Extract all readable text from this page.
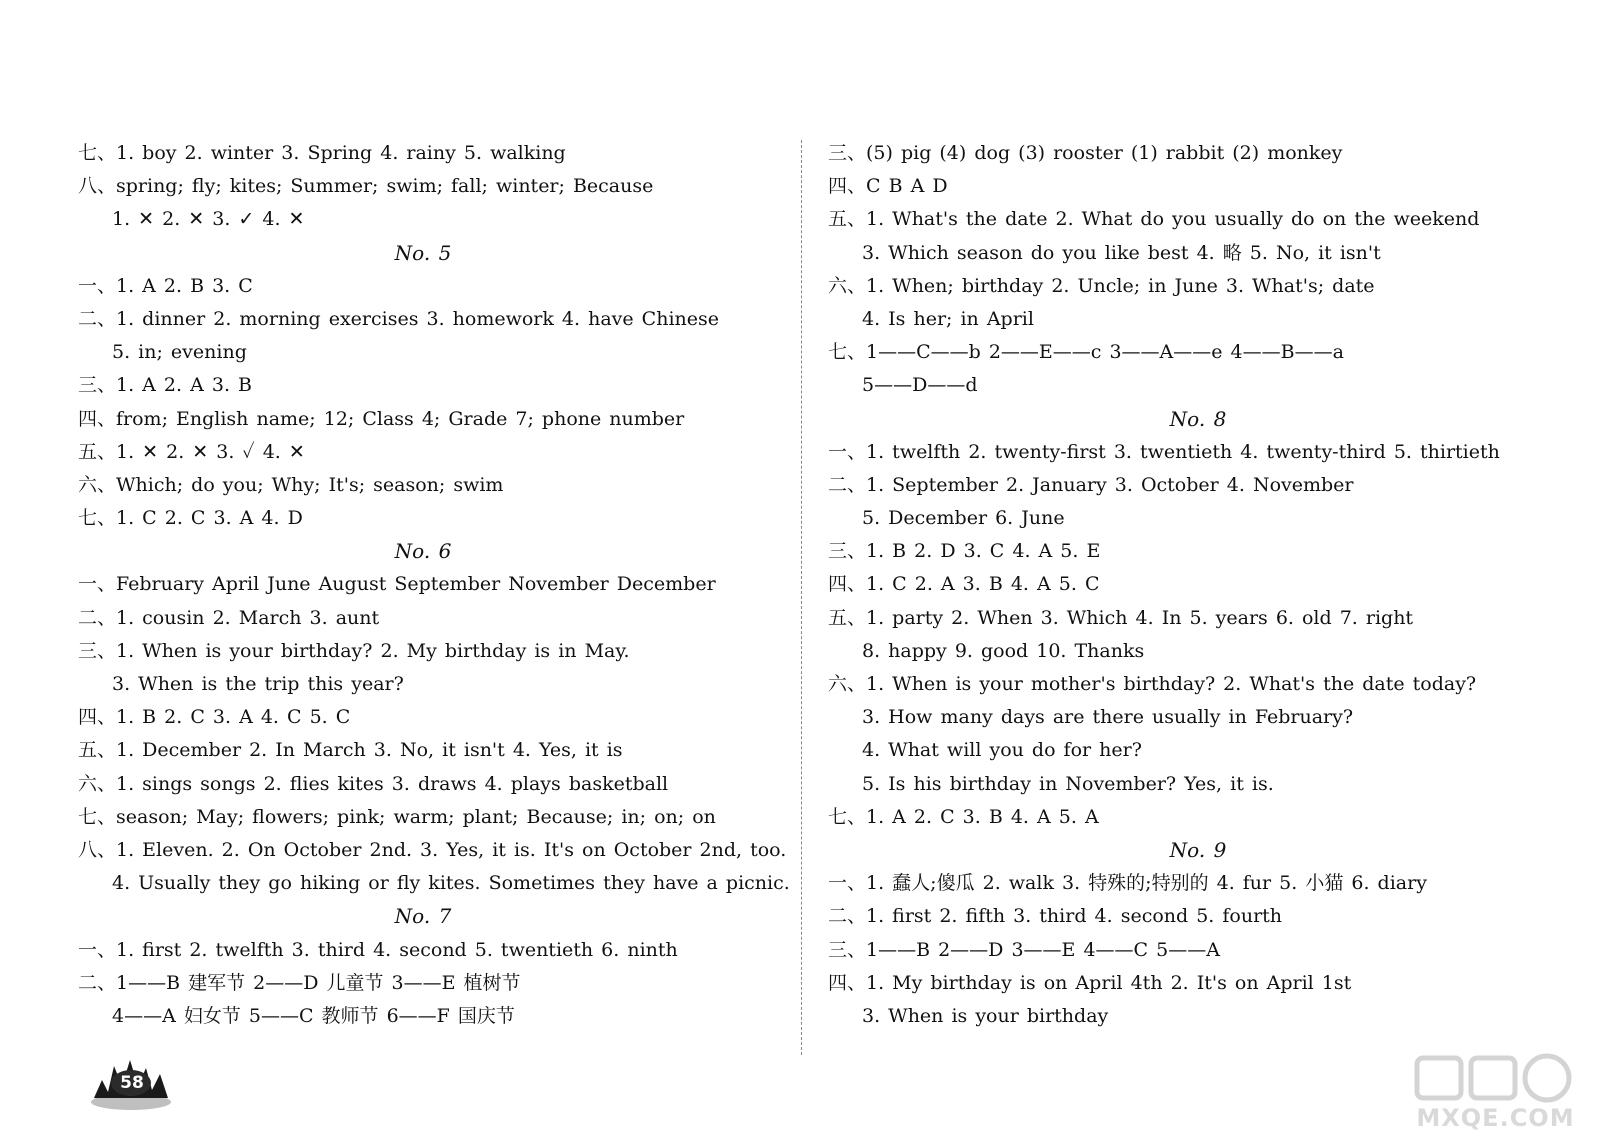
七、1. boy 2. winter 3. Spring 4. rainy 5. walking
八、spring; fly; kites; Summer; swim; fall; winter; Because
1. ✕ 2. ✕ 3. ✓ 4. ✕
No. 5
一、1. A 2. B 3. C
二、1. dinner 2. morning exercises 3. homework 4. have Chinese
5. in; evening
三、1. A 2. A 3. B
四、from; English name; 12; Class 4; Grade 7; phone number
五、1. ✕ 2. ✕ 3. ✓ 4. ✕
六、Which; do you; Why; It's; season; swim
七、1. C 2. C 3. A 4. D
No. 6
一、February April June August September November December
二、1. cousin 2. March 3. aunt
三、1. When is your birthday? 2. My birthday is in May.
3. When is the trip this year?
四、1. B 2. C 3. A 4. C 5. C
五、1. December 2. In March 3. No, it isn't 4. Yes, it is
六、1. sings songs 2. flies kites 3. draws 4. plays basketball
七、season; May; flowers; pink; warm; plant; Because; in; on; on
八、1. Eleven. 2. On October 2nd. 3. Yes, it is. It's on October 2nd, too.
4. Usually they go hiking or fly kites. Sometimes they have a picnic.
No. 7
一、1. first 2. twelfth 3. third 4. second 5. twentieth 6. ninth
二、1——B 建军节 2——D 儿童节 3——E 植树节
4——A 妇女节 5——C 教师节 6——F 国庆节
三、(5) pig (4) dog (3) rooster (1) rabbit (2) monkey
四、C B A D
五、1. What's the date 2. What do you usually do on the weekend
3. Which season do you like best 4. 略 5. No, it isn't
六、1. When; birthday 2. Uncle; in June 3. What's; date
4. Is her; in April
七、1——C——b 2——E——c 3——A——e 4——B——a
5——D——d
No. 8
一、1. twelfth 2. twenty-first 3. twentieth 4. twenty-third 5. thirtieth
二、1. September 2. January 3. October 4. November
5. December 6. June
三、1. B 2. D 3. C 4. A 5. E
四、1. C 2. A 3. B 4. A 5. C
五、1. party 2. When 3. Which 4. In 5. years 6. old 7. right
8. happy 9. good 10. Thanks
六、1. When is your mother's birthday? 2. What's the date today?
3. How many days are there usually in February?
4. What will you do for her?
5. Is his birthday in November? Yes, it is.
七、1. A 2. C 3. B 4. A 5. A
No. 9
一、1. 蠢人;傻瓜 2. walk 3. 特殊的;特别的 4. fur 5. 小猫 6. diary
二、1. first 2. fifth 3. third 4. second 5. fourth
三、1——B 2——D 3——E 4——C 5——A
四、1. My birthday is on April 4th 2. It's on April 1st
3. When is your birthday
58
MXQE.COM
